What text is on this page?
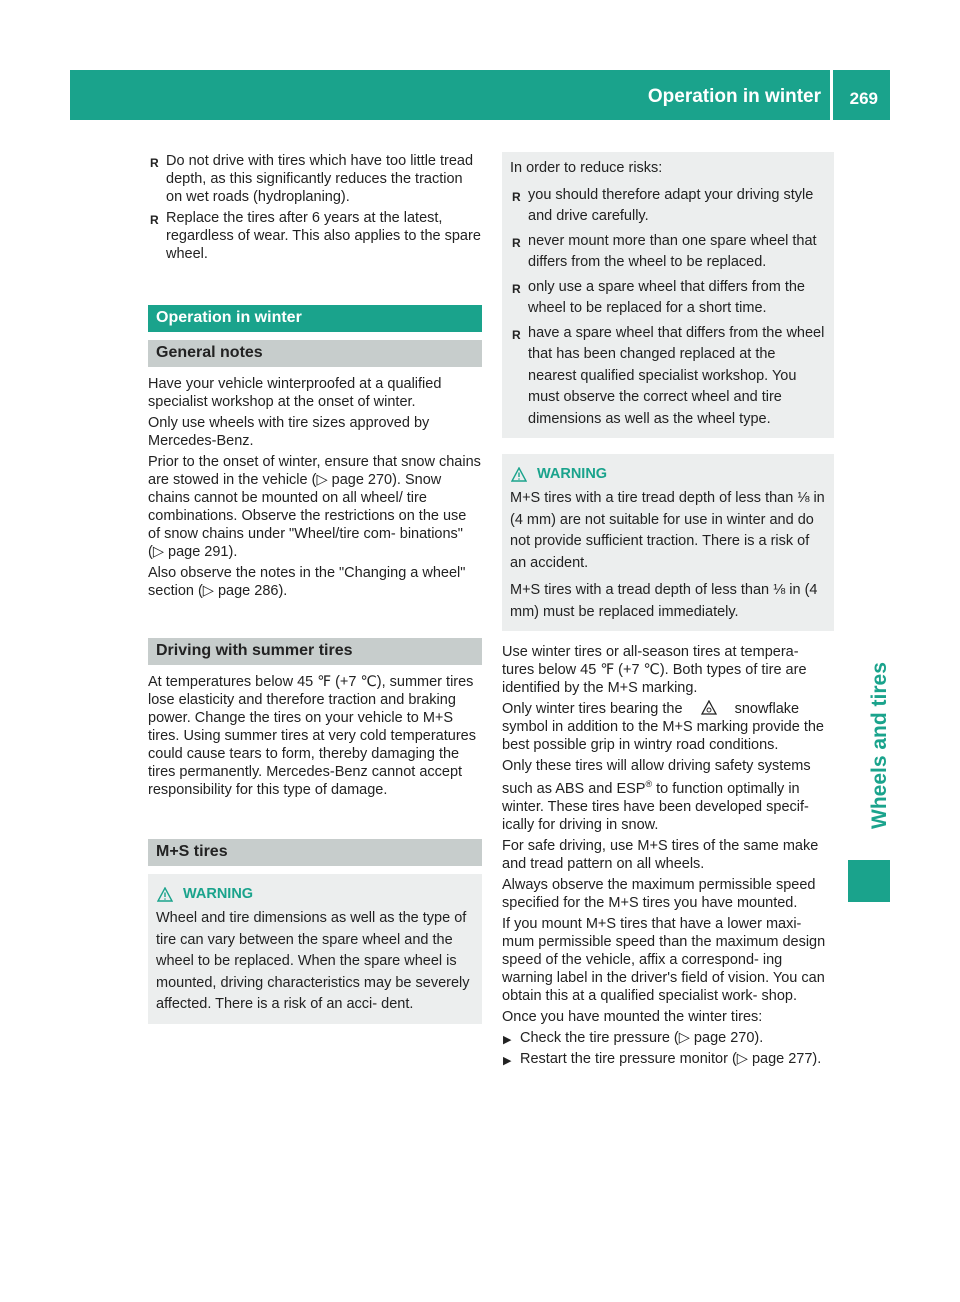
Operation in winter 269
Wheels and tires
R Do not drive with tires which have too little tread depth, as this significantly reduces the traction on wet roads (hydroplaning).
R Replace the tires after 6 years at the latest, regardless of wear. This also applies to the spare wheel.
Operation in winter
General notes

Have your vehicle winterproofed at a qualified specialist workshop at the onset of winter.

Only use wheels with tire sizes approved by Mercedes-Benz.

Prior to the onset of winter, ensure that snow chains are stowed in the vehicle (▷ page 270). Snow chains cannot be mounted on all wheel/ tire combinations. Observe the restrictions on the use of snow chains under "Wheel/tire com- binations" (▷ page 291).

Also observe the notes in the "Changing a wheel" section (▷ page 286).

Driving with summer tires

At temperatures below 45 ℉ (+7 ℃), summer tires lose elasticity and therefore traction and braking power. Change the tires on your vehicle to M+S tires. Using summer tires at very cold temperatures could cause tears to form, thereby damaging the tires permanently. Mercedes-Benz cannot accept responsibility for this type of damage.

M+S tires
WARNING

Wheel and tire dimensions as well as the type of tire can vary between the spare wheel and the wheel to be replaced. When the spare wheel is mounted, driving characteristics may be severely affected. There is a risk of an acci- dent.

In order to reduce risks:

R you should therefore adapt your driving style and drive carefully.
R never mount more than one spare wheel that differs from the wheel to be replaced.
R only use a spare wheel that differs from the wheel to be replaced for a short time.
R have a spare wheel that differs from the wheel that has been changed replaced at the nearest qualified specialist workshop. You must observe the correct wheel and tire dimensions as well as the wheel type.
WARNING

M+S tires with a tire tread depth of less than ⅛ in (4 mm) are not suitable for use in winter and do not provide sufficient traction. There is a risk of an accident.

M+S tires with a tread depth of less than ⅛ in (4 mm) must be replaced immediately.

Use winter tires or all-season tires at tempera- tures below 45 ℉ (+7 ℃). Both types of tire are identified by the M+S marking.

Only winter tires bearing the	snowflake symbol in addition to the M+S marking provide the best possible grip in wintry road conditions.

Only these tires will allow driving safety systems such as ABS and ESP® to function optimally in winter. These tires have been developed specif- ically for driving in snow.

For safe driving, use M+S tires of the same make and tread pattern on all wheels.

Always observe the maximum permissible speed specified for the M+S tires you have mounted.

If you mount M+S tires that have a lower maxi- mum permissible speed than the maximum design speed of the vehicle, affix a correspond- ing warning label in the driver's field of vision. You can obtain this at a qualified specialist work- shop.

Once you have mounted the winter tires:

▶ Check the tire pressure (▷ page 270).
▶ Restart the tire pressure monitor (▷ page 277).
